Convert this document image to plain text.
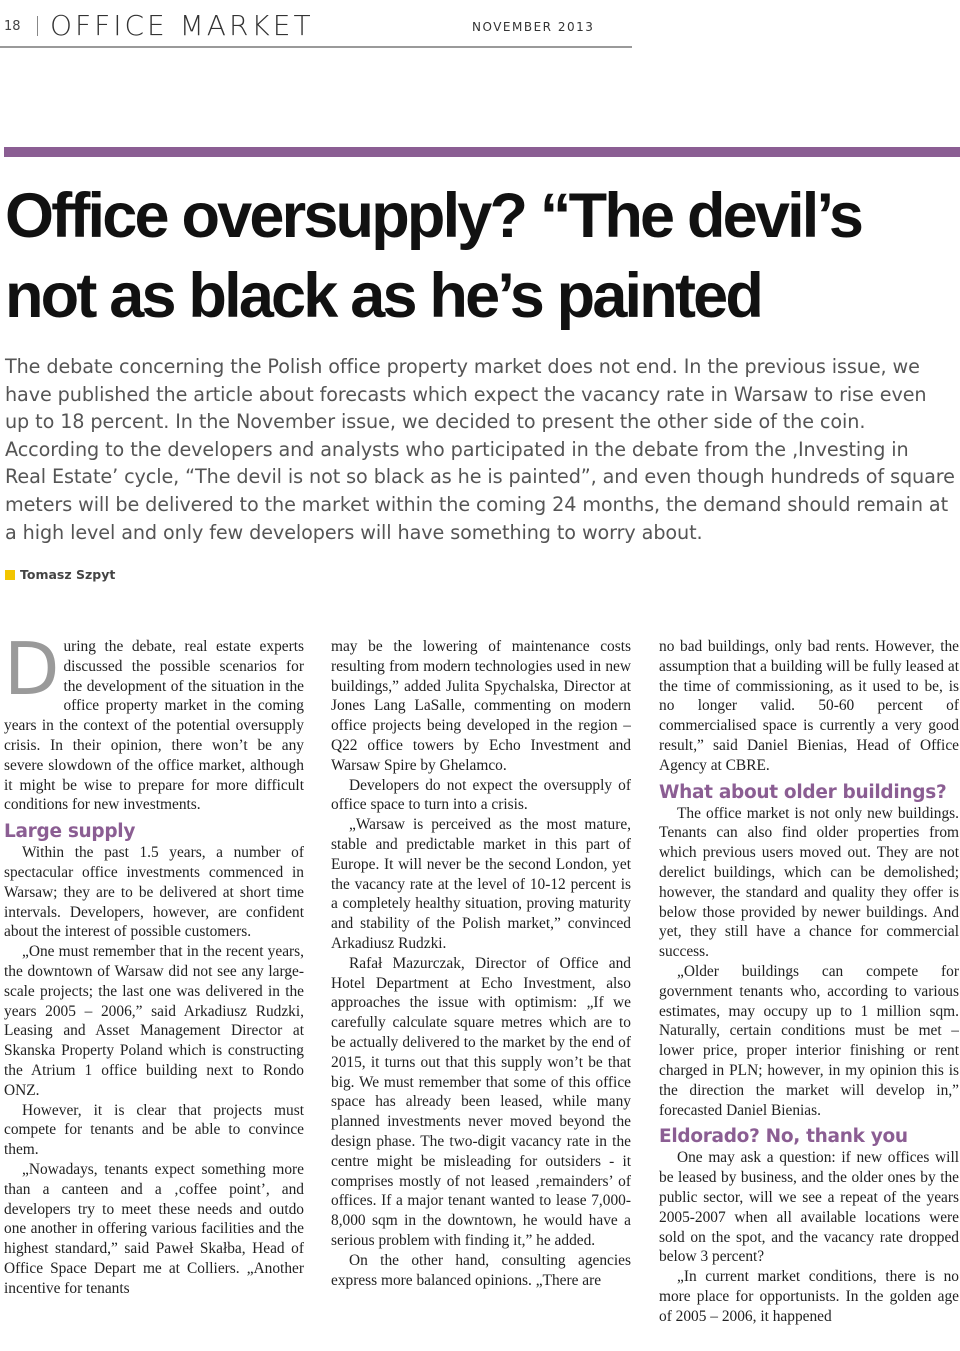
18 OFFICE MARKET	NOVEMBER 2013
Office oversupply? “The devil’s not as black as he’s painted

The debate concerning the Polish office property market does not end. In the previous issue, we have published the article about forecasts which expect the vacancy rate in Warsaw to rise even up to 18 percent. In the November issue, we decided to present the other side of the coin. According to the developers and analysts who participated in the debate from the ‚Investing in Real Estate’ cycle, “The devil is not so black as he is painted”, and even though hundreds of square meters will be delivered to the market within the coming 24 months, the demand should remain at a high level and only few developers will have something to worry about.

Tomasz Szpyt

During the debate, real estate experts discussed the possible scenarios for the development of the situation in the office property market in the coming years in the context of the potential oversupply crisis. In their opinion, there won’t be any severe slowdown of the office market, although it might be wise to prepare for more difficult conditions for new investments.

Large supply

Within the past 1.5 years, a number of spectacular office investments commenced in Warsaw; they are to be delivered at short time intervals. Developers, however, are confident about the interest of possible customers.

„One must remember that in the recent years, the downtown of Warsaw did not see any large-scale projects; the last one was delivered in the years 2005 – 2006,” said Arkadiusz Rudzki, Leasing and Asset Management Director at Skanska Property Poland which is constructing the Atrium 1 office building next to Rondo ONZ.

However, it is clear that projects must compete for tenants and be able to convince them.

„Nowadays, tenants expect something more than a canteen and a ‚coffee point’, and developers try to meet these needs and outdo one another in offering various facilities and the highest standard,” said Paweł Skałba, Head of Office Space Depart me at Colliers. „Another incentive for tenants

may be the lowering of maintenance costs resulting from modern technologies used in new buildings,” added Julita Spychalska, Director at Jones Lang LaSalle, commenting on modern office projects being developed in the region – Q22 office towers by Echo Investment and Warsaw Spire by Ghelamco.

Developers do not expect the oversupply of office space to turn into a crisis.

„Warsaw is perceived as the most mature, stable and predictable market in this part of Europe. It will never be the second London, yet the vacancy rate at the level of 10-12 percent is a completely healthy situation, proving maturity and stability of the Polish market,” convinced Arkadiusz Rudzki.

Rafał Mazurczak, Director of Office and Hotel Department at Echo Investment, also approaches the issue with optimism: „If we carefully calculate square metres which are to be actually delivered to the market by the end of 2015, it turns out that this supply won’t be that big. We must remember that some of this office space has already been leased, while many planned investments never moved beyond the design phase. The two-digit vacancy rate in the centre might be misleading for outsiders - it comprises mostly of not leased ‚remainders’ of offices. If a major tenant wanted to lease 7,000-8,000 sqm in the downtown, he would have a serious problem with finding it,” he added.

On the other hand, consulting agencies express more balanced opinions. „There are

no bad buildings, only bad rents. However, the assumption that a building will be fully leased at the time of commissioning, as it used to be, is no longer valid. 50-60 percent of commercialised space is currently a very good result,” said Daniel Bienias, Head of Office Agency at CBRE.

What about older buildings?

The office market is not only new buildings. Tenants can also find older properties from which previous users moved out. They are not derelict buildings, which can be demolished; however, the standard and quality they offer is below those provided by newer buildings. And yet, they still have a chance for commercial success.

„Older buildings can compete for government tenants who, according to various estimates, may occupy up to 1 million sqm. Naturally, certain conditions must be met – lower price, proper interior finishing or rent charged in PLN; however, in my opinion this is the direction the market will develop in,” forecasted Daniel Bienias.

Eldorado? No, thank you

One may ask a question: if new offices will be leased by business, and the older ones by the public sector, will we see a repeat of the years 2005-2007 when all available locations were sold on the spot, and the vacancy rate dropped below 3 percent?

„In current market conditions, there is no more place for opportunists. In the golden age of 2005 – 2006, it happened
